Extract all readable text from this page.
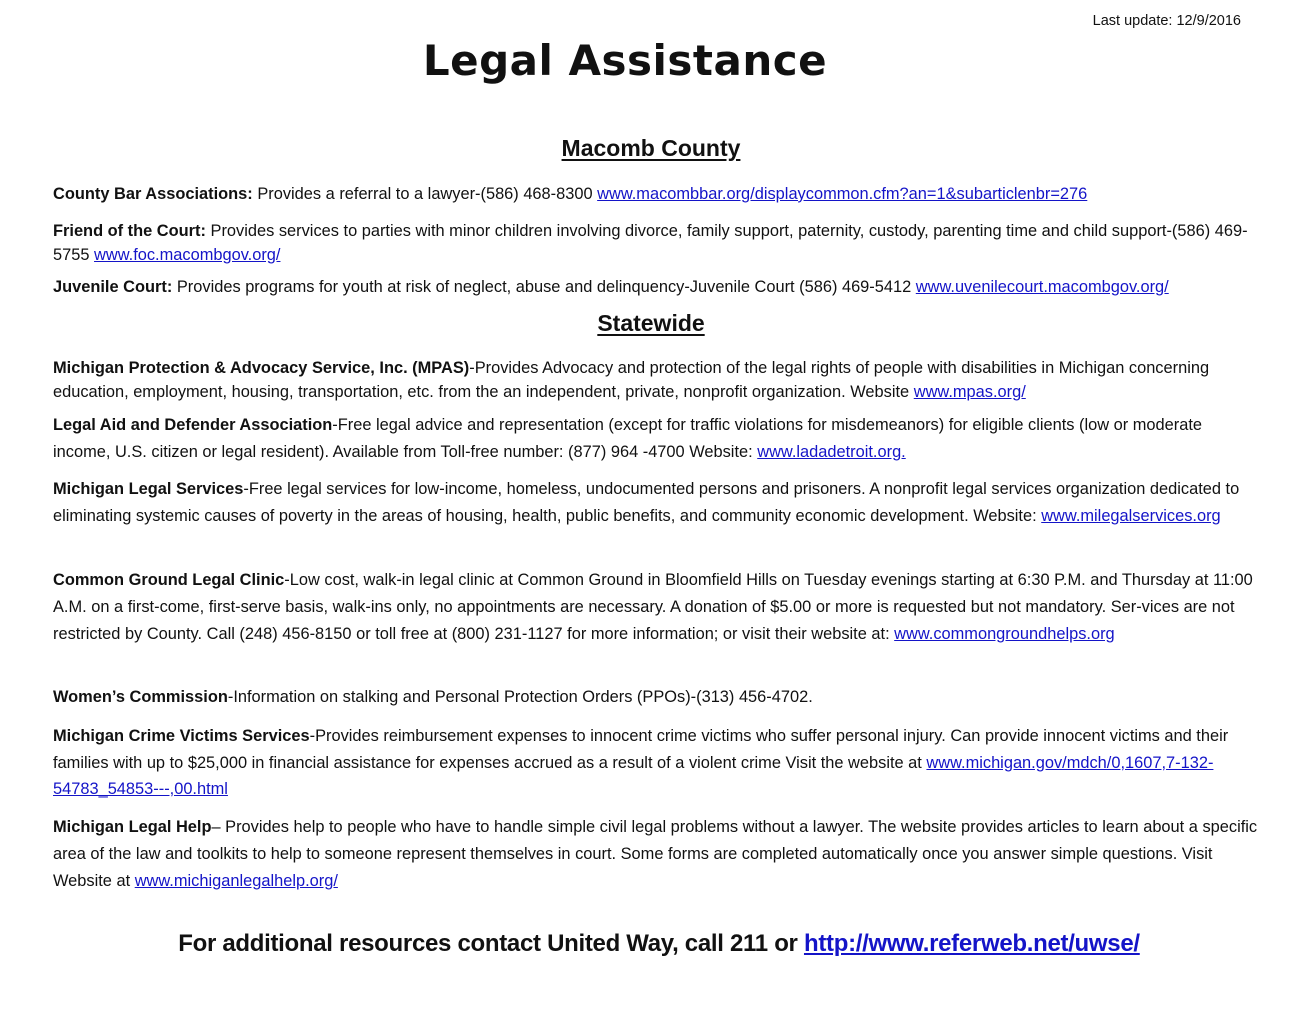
Last update: 12/9/2016
Legal Assistance
Macomb County

County Bar Associations: Provides a referral to a lawyer-(586) 468-8300 www.macombbar.org/displaycommon.cfm?an=1&subarticlenbr=276

Friend of the Court: Provides services to parties with minor children involving divorce, family support, paternity, custody, parenting time and child support-(586) 469-5755 www.foc.macombgov.org/

Juvenile Court: Provides programs for youth at risk of neglect, abuse and delinquency-Juvenile Court (586) 469-5412 www.uvenilecourt.macombgov.org/

Statewide

Michigan Protection & Advocacy Service, Inc. (MPAS)-Provides Advocacy and protection of the legal rights of people with disabilities in Michigan concerning education, employment, housing, transportation, etc. from the an independent, private, nonprofit organization. Website www.mpas.org/

Legal Aid and Defender Association-Free legal advice and representation (except for traffic violations for misdemeanors) for eligible clients (low or moderate income, U.S. citizen or legal resident). Available from Toll-free number: (877) 964 -4700 Website: www.ladadetroit.org.

Michigan Legal Services-Free legal services for low-income, homeless, undocumented persons and prisoners. A nonprofit legal services organization dedicated to eliminating systemic causes of poverty in the areas of housing, health, public benefits, and community economic development. Website: www.milegalservices.org

Common Ground Legal Clinic-Low cost, walk-in legal clinic at Common Ground in Bloomfield Hills on Tuesday evenings starting at 6:30 P.M. and Thursday at 11:00 A.M. on a first-come, first-serve basis, walk-ins only, no appointments are necessary. A donation of $5.00 or more is requested but not mandatory. Ser-vices are not restricted by County. Call (248) 456-8150 or toll free at (800) 231-1127 for more information; or visit their website at: www.commongroundhelps.org

Women’s Commission-Information on stalking and Personal Protection Orders (PPOs)-(313) 456-4702.

Michigan Crime Victims Services-Provides reimbursement expenses to innocent crime victims who suffer personal injury. Can provide innocent victims and their families with up to $25,000 in financial assistance for expenses accrued as a result of a violent crime Visit the website at www.michigan.gov/mdch/0,1607,7-132-54783_54853---,00.html

Michigan Legal Help– Provides help to people who have to handle simple civil legal problems without a lawyer. The website provides articles to learn about a specific area of the law and toolkits to help to someone represent themselves in court. Some forms are completed automatically once you answer simple questions. Visit Website at www.michiganlegalhelp.org/

For additional resources contact United Way, call 211 or http://www.referweb.net/uwse/
